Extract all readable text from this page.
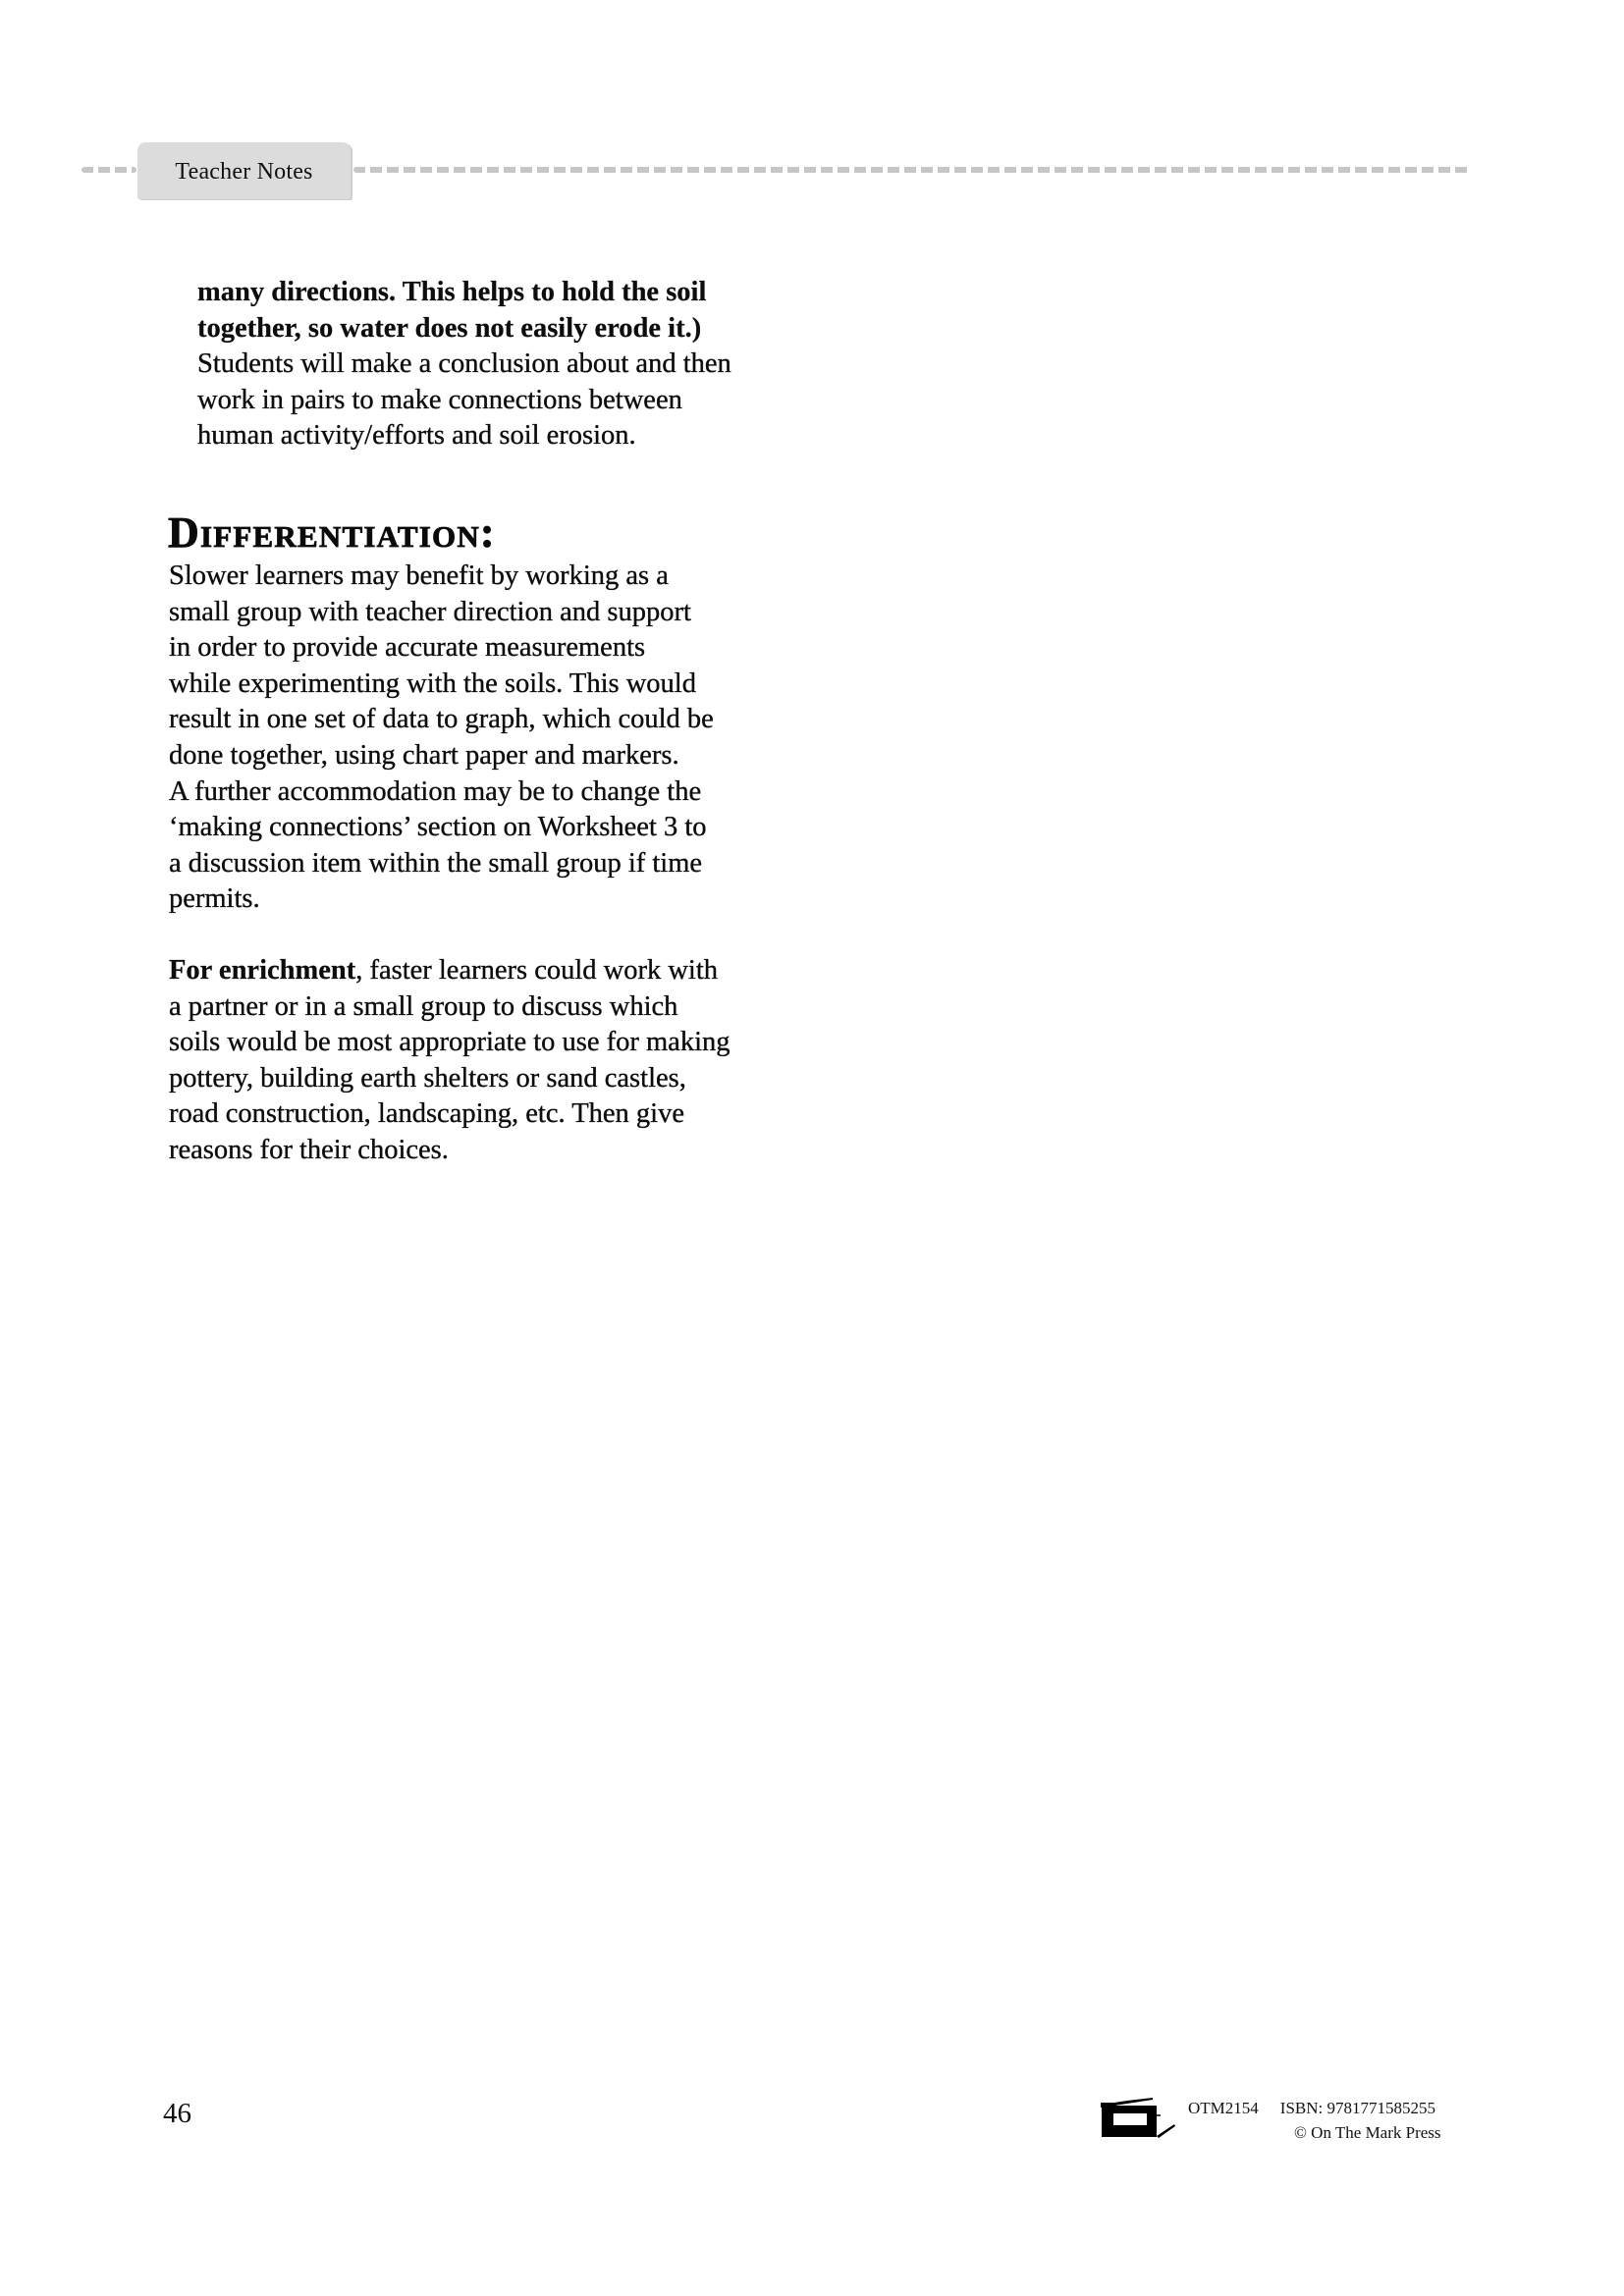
Teacher Notes
many directions. This helps to hold the soil
together, so water does not easily erode it.)
Students will make a conclusion about and then
work in pairs to make connections between
human activity/efforts and soil erosion.
Differentiation:
Slower learners may benefit by working as a
small group with teacher direction and support
in order to provide accurate measurements
while experimenting with the soils. This would
result in one set of data to graph, which could be
done together, using chart paper and markers.
A further accommodation may be to change the
‘making connections’ section on Worksheet 3 to
a discussion item within the small group if time
permits.
For enrichment, faster learners could work with
a partner or in a small group to discuss which
soils would be most appropriate to use for making
pottery, building earth shelters or sand castles,
road construction, landscaping, etc. Then give
reasons for their choices.
46	OTM2154 ISBN: 9781771585255
© On The Mark Press
